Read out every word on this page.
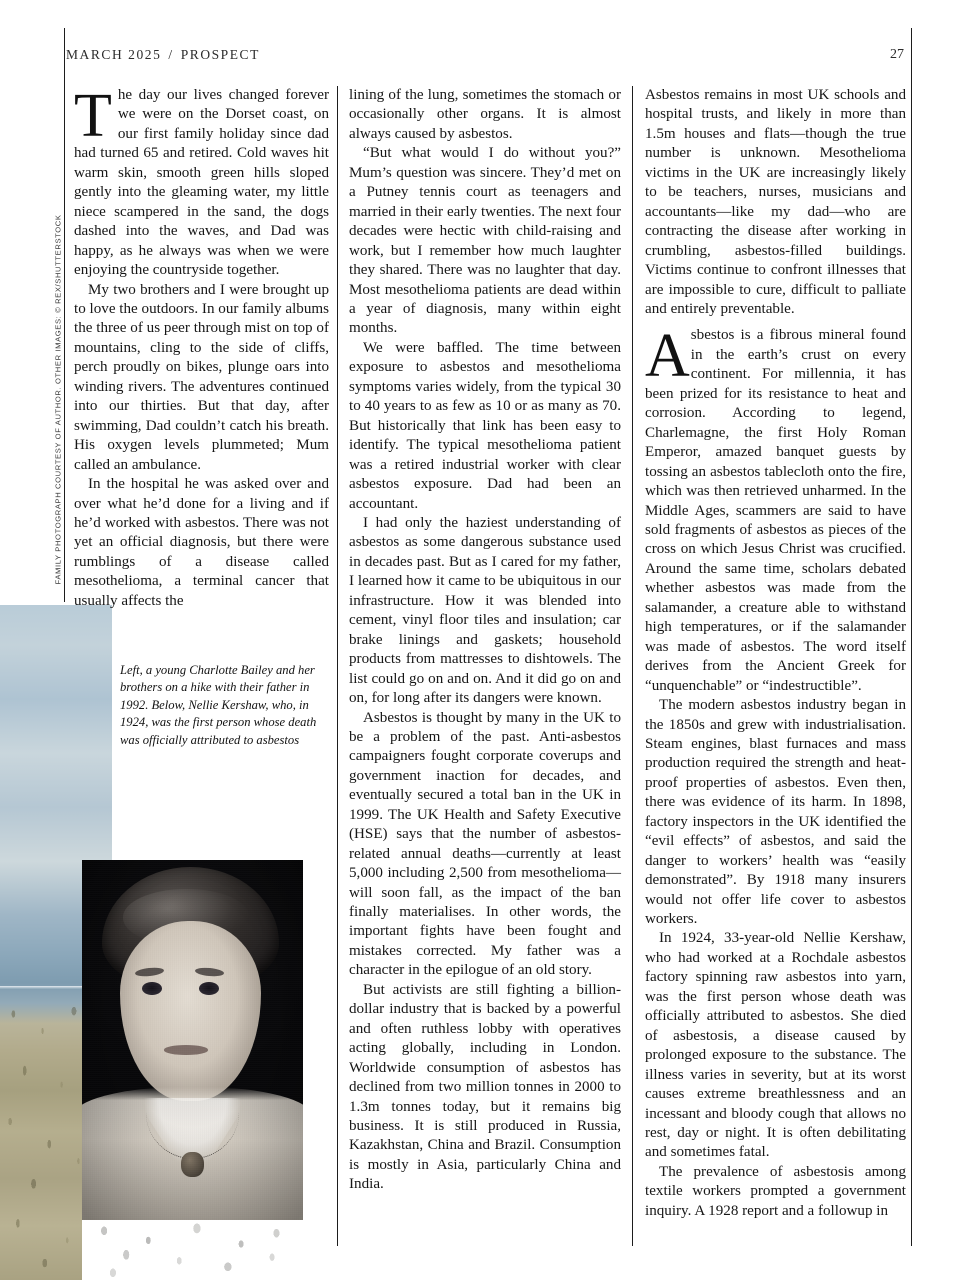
MARCH 2025 / PROSPECT	27
FAMILY PHOTOGRAPH COURTESY OF AUTHOR. OTHER IMAGES: © REX/SHUTTERSTOCK
Left, a young Charlotte Bailey and her brothers on a hike with their father in 1992. Below, Nellie Kershaw, who, in 1924, was the first person whose death was officially attributed to asbestos

The day our lives changed forever we were on the Dorset coast, on our first family holiday since dad had turned 65 and retired. Cold waves hit warm skin, smooth green hills sloped gently into the gleaming water, my little niece scampered in the sand, the dogs dashed into the waves, and Dad was happy, as he always was when we were enjoying the countryside together.

My two brothers and I were brought up to love the outdoors. In our family albums the three of us peer through mist on top of mountains, cling to the side of cliffs, perch proudly on bikes, plunge oars into winding rivers. The adventures continued into our thirties. But that day, after swimming, Dad couldn’t catch his breath. His oxygen levels plummeted; Mum called an ambulance.

In the hospital he was asked over and over what he’d done for a living and if he’d worked with asbestos. There was not yet an official diagnosis, but there were rumblings of a disease called mesothelioma, a terminal cancer that usually affects the

lining of the lung, sometimes the stomach or occasionally other organs. It is almost always caused by asbestos.

“But what would I do without you?” Mum’s question was sincere. They’d met on a Putney tennis court as teenagers and married in their early twenties. The next four decades were hectic with child-raising and work, but I remember how much laughter they shared. There was no laughter that day. Most mesothelioma patients are dead within a year of diagnosis, many within eight months.

We were baffled. The time between exposure to asbestos and mesothelioma symptoms varies widely, from the typical 30 to 40 years to as few as 10 or as many as 70. But historically that link has been easy to identify. The typical mesothelioma patient was a retired industrial worker with clear asbestos exposure. Dad had been an accountant.

I had only the haziest understanding of asbestos as some dangerous substance used in decades past. But as I cared for my father, I learned how it came to be ubiquitous in our infrastructure. How it was blended into cement, vinyl floor tiles and insulation; car brake linings and gaskets; household products from mattresses to dishtowels. The list could go on and on. And it did go on and on, for long after its dangers were known.

Asbestos is thought by many in the UK to be a problem of the past. Anti-asbestos campaigners fought corporate coverups and government inaction for decades, and eventually secured a total ban in the UK in 1999. The UK Health and Safety Executive (HSE) says that the number of asbestos-related annual deaths—currently at least 5,000 including 2,500 from mesothelioma—will soon fall, as the impact of the ban finally materialises. In other words, the important fights have been fought and mistakes corrected. My father was a character in the epilogue of an old story.

But activists are still fighting a billion-dollar industry that is backed by a powerful and often ruthless lobby with operatives acting globally, including in London. Worldwide consumption of asbestos has declined from two million tonnes in 2000 to 1.3m tonnes today, but it remains big business. It is still produced in Russia, Kazakhstan, China and Brazil. Consumption is mostly in Asia, particularly China and India.

Asbestos remains in most UK schools and hospital trusts, and likely in more than 1.5m houses and flats—though the true number is unknown. Mesothelioma victims in the UK are increasingly likely to be teachers, nurses, musicians and accountants—like my dad—who are contracting the disease after working in crumbling, asbestos-filled buildings. Victims continue to confront illnesses that are impossible to cure, difficult to palliate and entirely preventable.

Asbestos is a fibrous mineral found in the earth’s crust on every continent. For millennia, it has been prized for its resistance to heat and corrosion. According to legend, Charlemagne, the first Holy Roman Emperor, amazed banquet guests by tossing an asbestos tablecloth onto the fire, which was then retrieved unharmed. In the Middle Ages, scammers are said to have sold fragments of asbestos as pieces of the cross on which Jesus Christ was crucified. Around the same time, scholars debated whether asbestos was made from the salamander, a creature able to withstand high temperatures, or if the salamander was made of asbestos. The word itself derives from the Ancient Greek for “unquenchable” or “indestructible”.

The modern asbestos industry began in the 1850s and grew with industrialisation. Steam engines, blast furnaces and mass production required the strength and heat-proof properties of asbestos. Even then, there was evidence of its harm. In 1898, factory inspectors in the UK identified the “evil effects” of asbestos, and said the danger to workers’ health was “easily demonstrated”. By 1918 many insurers would not offer life cover to asbestos workers.

In 1924, 33-year-old Nellie Kershaw, who had worked at a Rochdale asbestos factory spinning raw asbestos into yarn, was the first person whose death was officially attributed to asbestos. She died of asbestosis, a disease caused by prolonged exposure to the substance. The illness varies in severity, but at its worst causes extreme breathlessness and an incessant and bloody cough that allows no rest, day or night. It is often debilitating and sometimes fatal.

The prevalence of asbestosis among textile workers prompted a government inquiry. A 1928 report and a followup in
